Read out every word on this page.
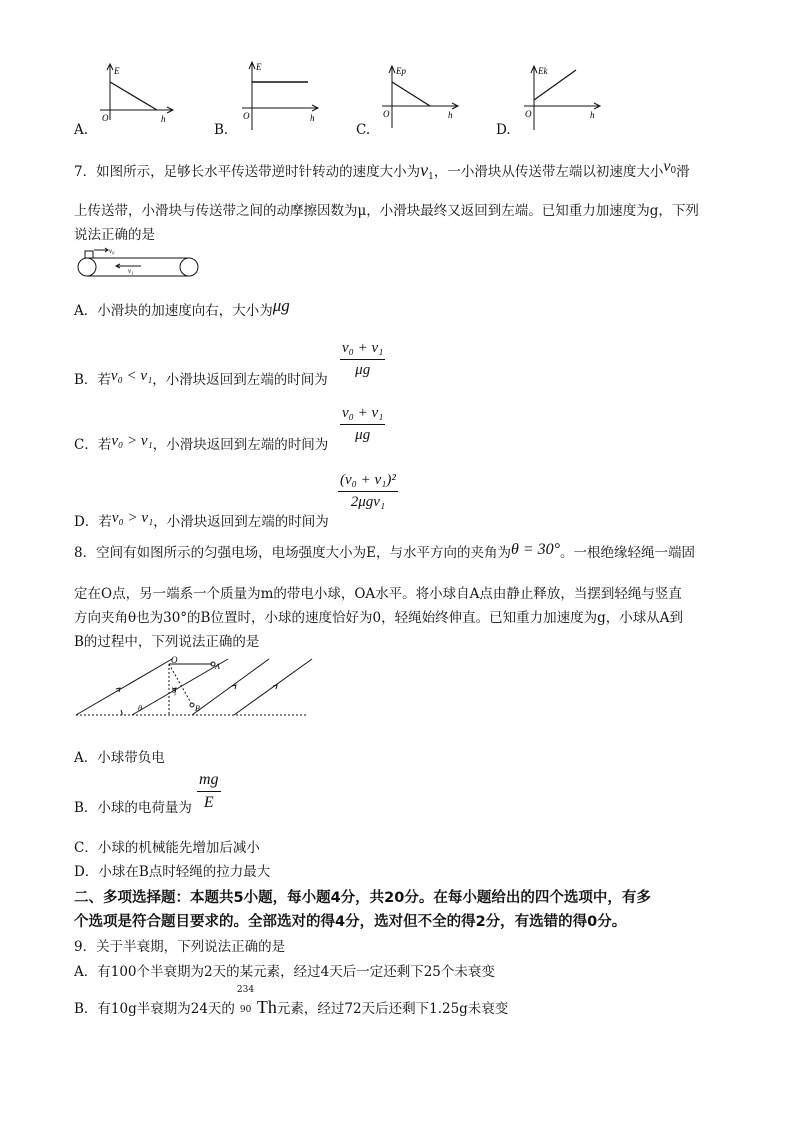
A.
E
h
O
B.
E
h
O
C.
Ep
h
O
D.
Ek
h
O
7．如图所示，足够长水平传送带逆时针转动的速度大小为$v_1$，一小滑块从传送带左端以初速度大小$v^0$滑
上传送带，小滑块与传送带之间的动摩擦因数为μ，小滑块最终又返回到左端。已知重力加速度为g，下列
说法正确的是
v₀
v₁
A．小滑块的加速度向右，大小为μg
B．若v₀ < v₁，小滑块返回到左端的时间为
$\frac{\text{v₀ + v₁}}{\mu g}$
C．若v₀ > v₁，小滑块返回到左端的时间为
$\frac{\text{v₀ + v₁}}{\mu g}$
D．若v₀ > v₁，小滑块返回到左端的时间为
(v₀ + v₁)²
2μgv₁
8．空间有如图所示的匀强电场，电场强度大小为E，与水平方向的夹角为θ = 30°。一根绝缘轻绳一端固
定在O点，另一端系一个质量为m的带电小球，OA水平。将小球自A点由静止释放，当摆到轻绳与竖直
方向夹角θ也为30°的B位置时，小球的速度恰好为0，轻绳始终伸直。已知重力加速度为g，小球从A到
B的过程中，下列说法正确的是
θ
O
A
B
30°
A．小球带负电
B．小球的电荷量为 $\frac{mg}{E}$
C．小球的机械能先增加后减小
D．小球在B点时轻绳的拉力最大
二、多项选择题：本题共5小题，每小题4分，共20分。在每小题给出的四个选项中，有多
个选项是符合题目要求的。全部选对的得4分，选对但不全的得2分，有选错的得0分。
9．关于半衰期，下列说法正确的是
A．有100个半衰期为2天的某元素，经过4天后一定还剩下25个未衰变
B．有10g半衰期为24天的
234
90 Th元素，经过72天后还剩下1.25g未衰变
